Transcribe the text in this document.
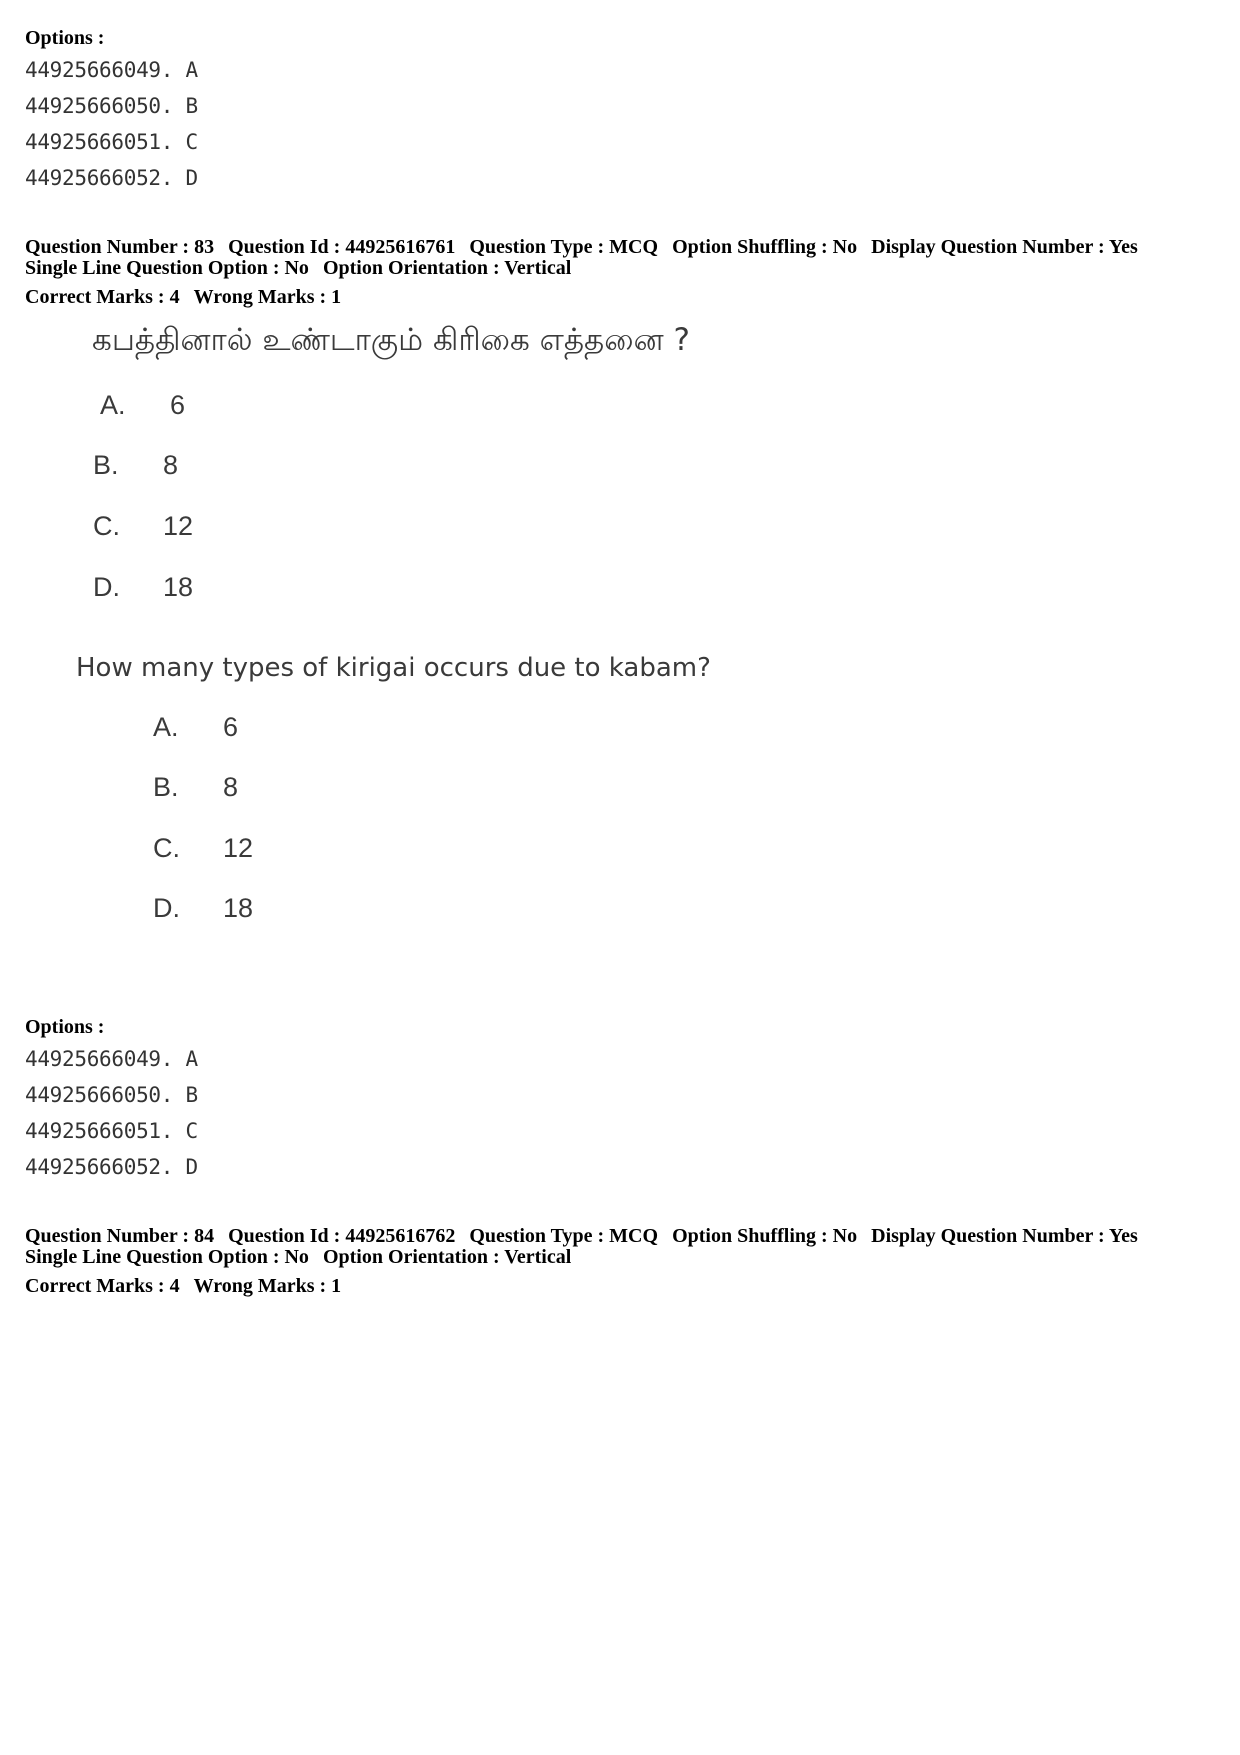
Options :
44925666049. A
44925666050. B
44925666051. C
44925666052. D
Question Number : 83 Question Id : 44925616761 Question Type : MCQ Option Shuffling : No Display Question Number : Yes
Single Line Question Option : No Option Orientation : Vertical
Correct Marks : 4 Wrong Marks : 1
கபத்தினால் உண்டாகும் கிரிகை எத்தனை ?
A. 6
B. 8
C. 12
D. 18
How many types of kirigai occurs due to kabam?
A. 6
B. 8
C. 12
D. 18
Options :
44925666049. A
44925666050. B
44925666051. C
44925666052. D
Question Number : 84 Question Id : 44925616762 Question Type : MCQ Option Shuffling : No Display Question Number : Yes
Single Line Question Option : No Option Orientation : Vertical
Correct Marks : 4 Wrong Marks : 1
